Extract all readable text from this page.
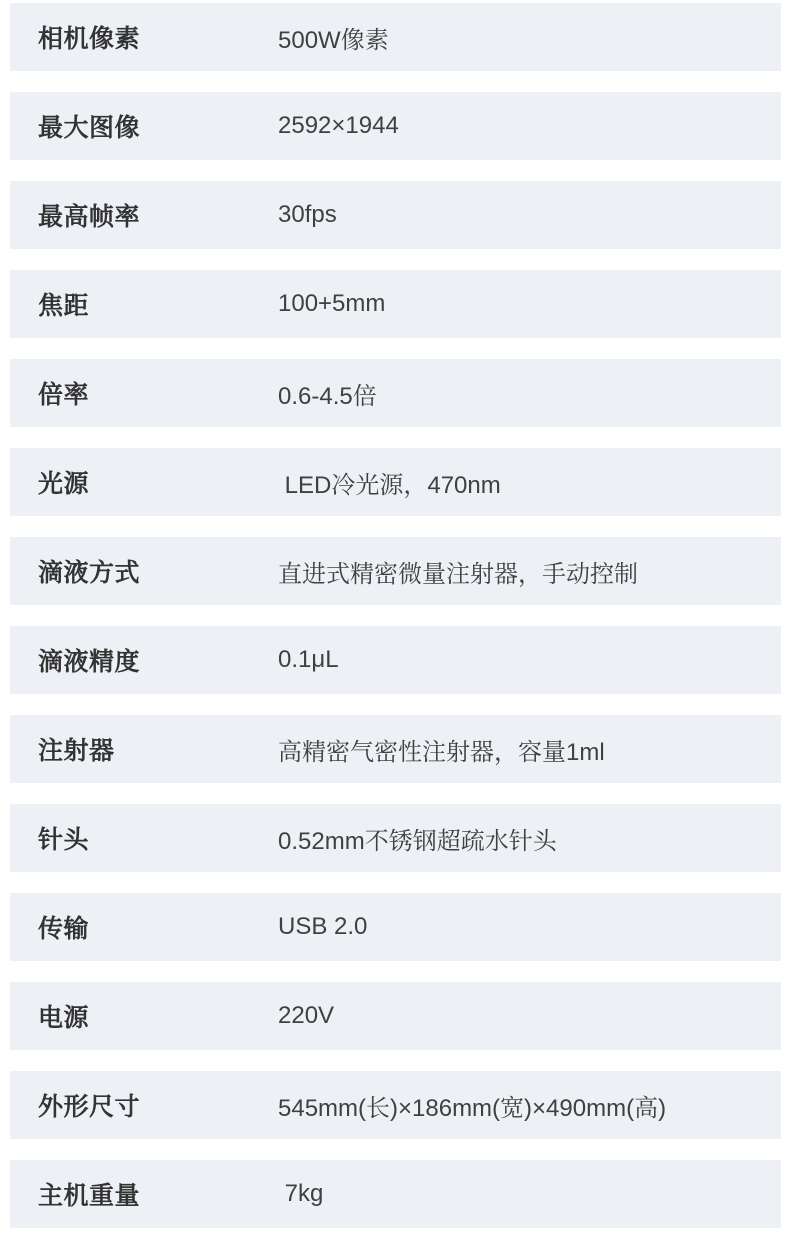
相机像素	500W像素
最大图像	2592×1944
最高帧率	30fps
焦距	100+5mm
倍率	0.6-4.5倍
光源	LED冷光源，470nm
滴液方式	直进式精密微量注射器，手动控制
滴液精度	0.1μL
注射器	高精密气密性注射器，容量1ml
针头	0.52mm不锈钢超疏水针头
传输	USB 2.0
电源	220V
外形尺寸	545mm(长)×186mm(宽)×490mm(高)
主机重量	7kg
